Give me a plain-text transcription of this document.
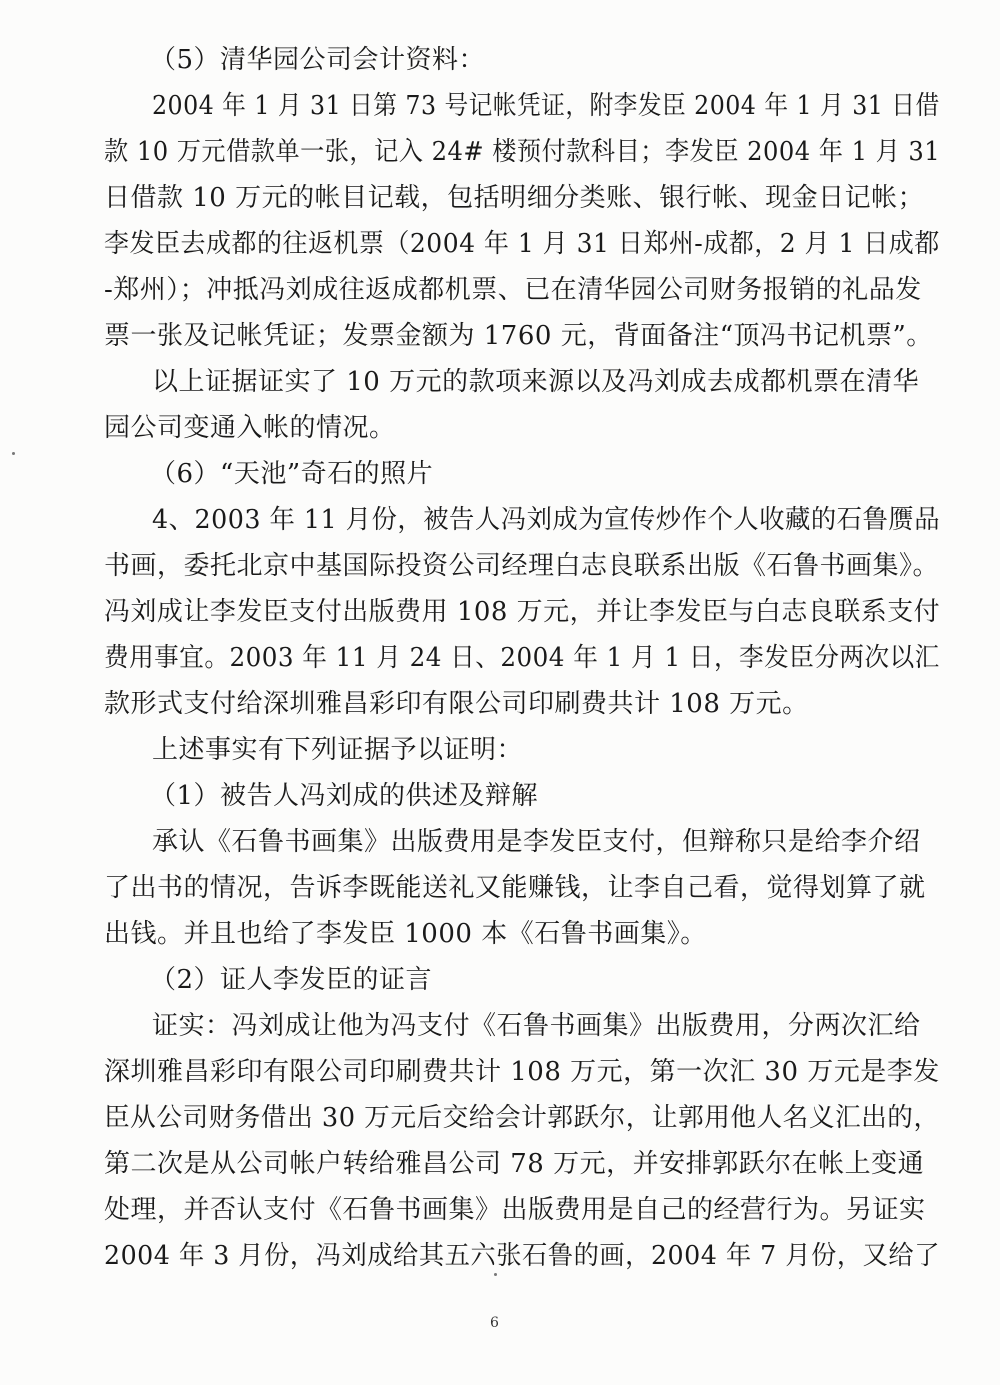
（5）清华园公司会计资料：
2004 年 1 月 31 日第 73 号记帐凭证，附李发臣 2004 年 1 月 31 日借
款 10 万元借款单一张，记入 24# 楼预付款科目；李发臣 2004 年 1 月 31
日借款 10 万元的帐目记载，包括明细分类账、银行帐、现金日记帐；
李发臣去成都的往返机票（2004 年 1 月 31 日郑州-成都，2 月 1 日成都
-郑州）；冲抵冯刘成往返成都机票、已在清华园公司财务报销的礼品发
票一张及记帐凭证；发票金额为 1760 元，背面备注“顶冯书记机票”。
以上证据证实了 10 万元的款项来源以及冯刘成去成都机票在清华
园公司变通入帐的情况。
（6）“天池”奇石的照片
4、2003 年 11 月份，被告人冯刘成为宣传炒作个人收藏的石鲁赝品
书画，委托北京中基国际投资公司经理白志良联系出版《石鲁书画集》。
冯刘成让李发臣支付出版费用 108 万元，并让李发臣与白志良联系支付
费用事宜。2003 年 11 月 24 日、2004 年 1 月 1 日，李发臣分两次以汇
款形式支付给深圳雅昌彩印有限公司印刷费共计 108 万元。
上述事实有下列证据予以证明：
（1）被告人冯刘成的供述及辩解
承认《石鲁书画集》出版费用是李发臣支付，但辩称只是给李介绍
了出书的情况，告诉李既能送礼又能赚钱，让李自己看，觉得划算了就
出钱。并且也给了李发臣 1000 本《石鲁书画集》。
（2）证人李发臣的证言
证实：冯刘成让他为冯支付《石鲁书画集》出版费用，分两次汇给
深圳雅昌彩印有限公司印刷费共计 108 万元，第一次汇 30 万元是李发
臣从公司财务借出 30 万元后交给会计郭跃尔，让郭用他人名义汇出的，
第二次是从公司帐户转给雅昌公司 78 万元，并安排郭跃尔在帐上变通
处理，并否认支付《石鲁书画集》出版费用是自己的经营行为。另证实
2004 年 3 月份，冯刘成给其五六张石鲁的画，2004 年 7 月份，又给了
6
